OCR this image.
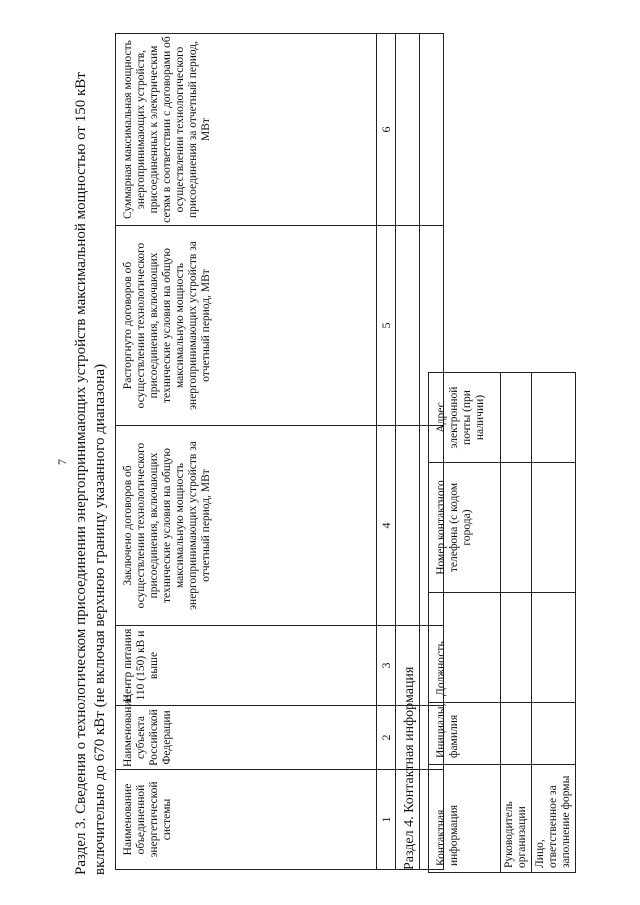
7 Раздел 3. Сведения о технологическом присоединении энергопринимающих устройств максимальной мощностью от 150 кВт включительно до 670 кВт (не включая верхнюю границу указанного диапазона) Наименование объединенной энергетической системы	Наименование субъекта Российской Федерации	Центр питания 110 (150) кВ и выше	Заключено договоров об осуществлении технологического присоединения, включающих технические условия на общую максимальную мощность энергопринимающих устройств за отчетный период, МВт	Расторгнуто договоров об осуществлении технологического присоединения, включающих технические условия на общую максимальную мощность энергопринимающих устройств за отчетный период, МВт	Суммарная максимальная мощность энергопринимающих устройств, присоединенных к электрическим сетям в соответствии с договорами об осуществлении технологического присоединения за отчетный период, МВт
1	2	3	4	5	6

Раздел 4. Контактная информация Контактная информация	Инициалы, фамилия	Должность	Номер контактного телефона (с кодом города)	Адрес электронной почты (при наличии)
Руководитель организации				
Лицо, ответственное за заполнение формы				
